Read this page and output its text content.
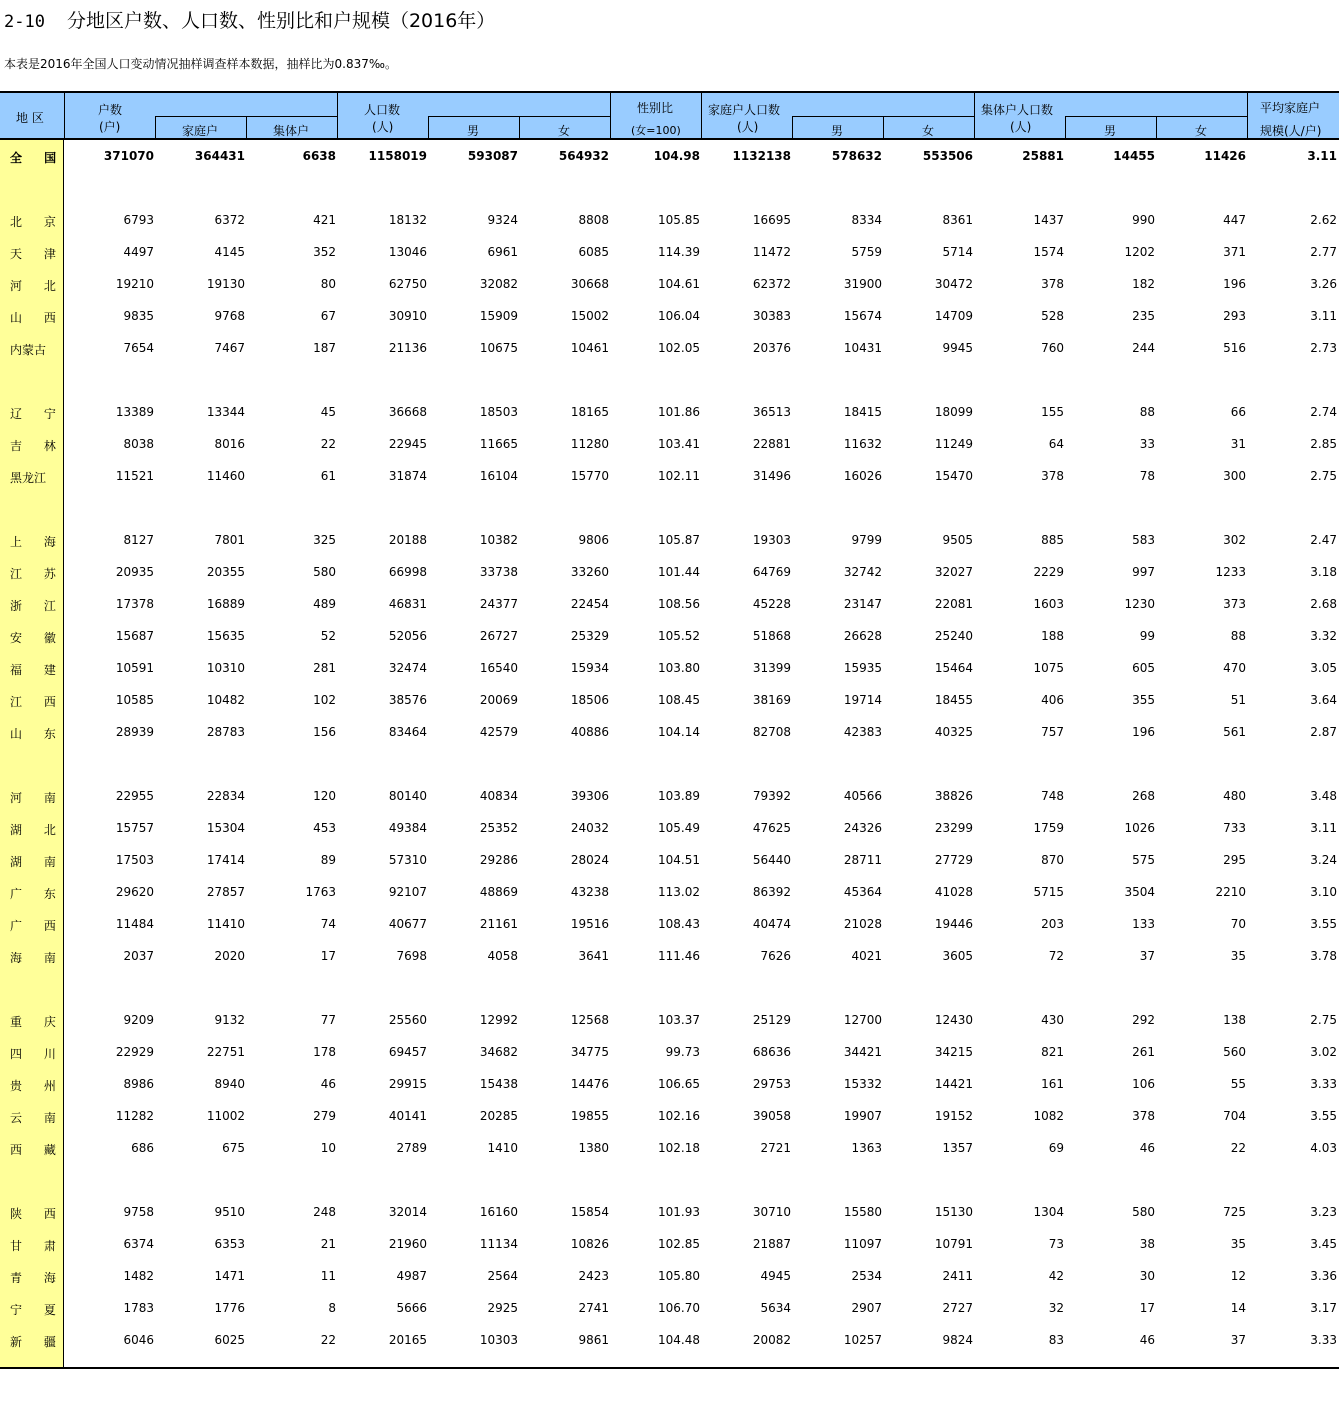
2-10 分地区户数、人口数、性别比和户规模（2016年）
本表是2016年全国人口变动情况抽样调查样本数据，抽样比为0.837‰。
地 区
户数
(户)	家庭户	集体户
人口数
(人)	男	女
性别比
(女=100)
家庭户人口数
(人)	男	女
集体户人口数
(人)	男	女
平均家庭户
规模(人/户)
全 国	371070	364431	6638	1158019	593087	564932	104.98	1132138	578632	553506	25881	14455	11426	3.11
北 京	6793	6372	421	18132	9324	8808	105.85	16695	8334	8361	1437	990	447	2.62
天 津	4497	4145	352	13046	6961	6085	114.39	11472	5759	5714	1574	1202	371	2.77
河 北	19210	19130	80	62750	32082	30668	104.61	62372	31900	30472	378	182	196	3.26
山 西	9835	9768	67	30910	15909	15002	106.04	30383	15674	14709	528	235	293	3.11
内蒙古	7654	7467	187	21136	10675	10461	102.05	20376	10431	9945	760	244	516	2.73
辽 宁	13389	13344	45	36668	18503	18165	101.86	36513	18415	18099	155	88	66	2.74
吉 林	8038	8016	22	22945	11665	11280	103.41	22881	11632	11249	64	33	31	2.85
黑龙江	11521	11460	61	31874	16104	15770	102.11	31496	16026	15470	378	78	300	2.75
上 海	8127	7801	325	20188	10382	9806	105.87	19303	9799	9505	885	583	302	2.47
江 苏	20935	20355	580	66998	33738	33260	101.44	64769	32742	32027	2229	997	1233	3.18
浙 江	17378	16889	489	46831	24377	22454	108.56	45228	23147	22081	1603	1230	373	2.68
安 徽	15687	15635	52	52056	26727	25329	105.52	51868	26628	25240	188	99	88	3.32
福 建	10591	10310	281	32474	16540	15934	103.80	31399	15935	15464	1075	605	470	3.05
江 西	10585	10482	102	38576	20069	18506	108.45	38169	19714	18455	406	355	51	3.64
山 东	28939	28783	156	83464	42579	40886	104.14	82708	42383	40325	757	196	561	2.87
河 南	22955	22834	120	80140	40834	39306	103.89	79392	40566	38826	748	268	480	3.48
湖 北	15757	15304	453	49384	25352	24032	105.49	47625	24326	23299	1759	1026	733	3.11
湖 南	17503	17414	89	57310	29286	28024	104.51	56440	28711	27729	870	575	295	3.24
广 东	29620	27857	1763	92107	48869	43238	113.02	86392	45364	41028	5715	3504	2210	3.10
广 西	11484	11410	74	40677	21161	19516	108.43	40474	21028	19446	203	133	70	3.55
海 南	2037	2020	17	7698	4058	3641	111.46	7626	4021	3605	72	37	35	3.78
重 庆	9209	9132	77	25560	12992	12568	103.37	25129	12700	12430	430	292	138	2.75
四 川	22929	22751	178	69457	34682	34775	99.73	68636	34421	34215	821	261	560	3.02
贵 州	8986	8940	46	29915	15438	14476	106.65	29753	15332	14421	161	106	55	3.33
云 南	11282	11002	279	40141	20285	19855	102.16	39058	19907	19152	1082	378	704	3.55
西 藏	686	675	10	2789	1410	1380	102.18	2721	1363	1357	69	46	22	4.03
陕 西	9758	9510	248	32014	16160	15854	101.93	30710	15580	15130	1304	580	725	3.23
甘 肃	6374	6353	21	21960	11134	10826	102.85	21887	11097	10791	73	38	35	3.45
青 海	1482	1471	11	4987	2564	2423	105.80	4945	2534	2411	42	30	12	3.36
宁 夏	1783	1776	8	5666	2925	2741	106.70	5634	2907	2727	32	17	14	3.17
新 疆	6046	6025	22	20165	10303	9861	104.48	20082	10257	9824	83	46	37	3.33
